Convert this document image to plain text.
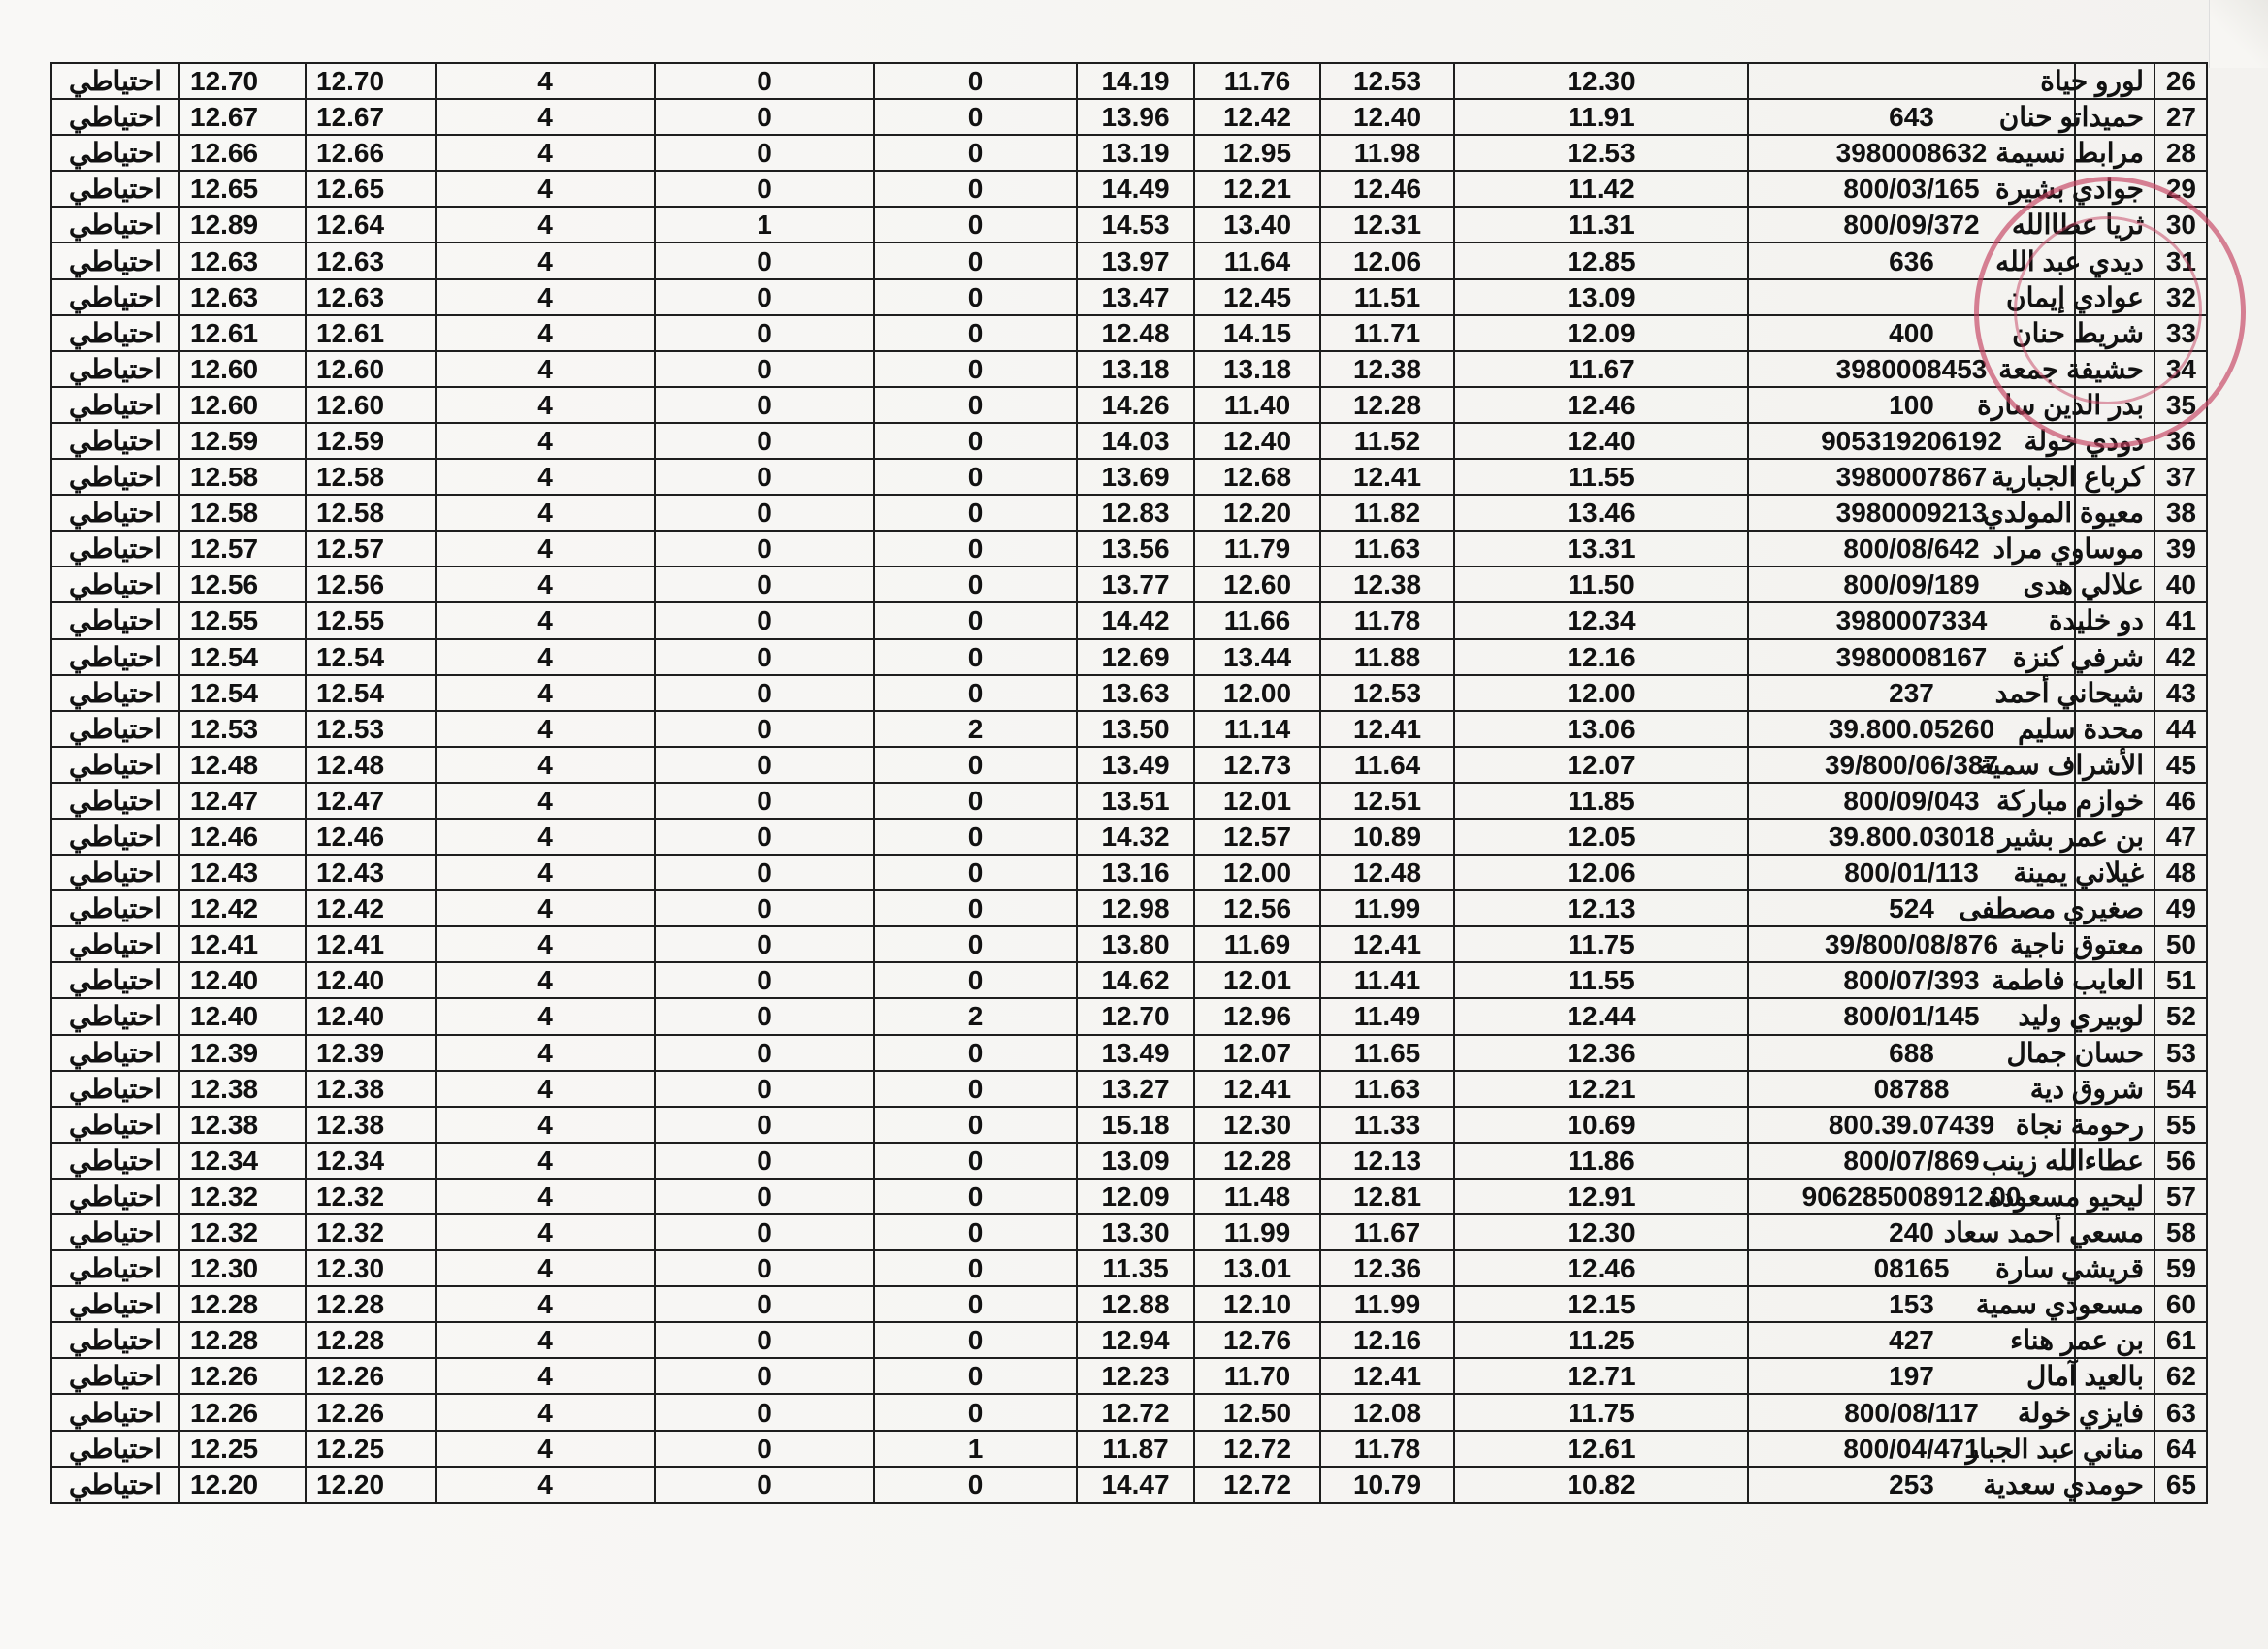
احتياطي	12.70	12.70	4	0	0	14.19	11.76	12.53	12.30		لورو حياة	26	
احتياطي	12.67	12.67	4	0	0	13.96	12.42	12.40	11.91	643	حميداتو حنان	27	
احتياطي	12.66	12.66	4	0	0	13.19	12.95	11.98	12.53	3980008632	مرابط نسيمة	28	
احتياطي	12.65	12.65	4	0	0	14.49	12.21	12.46	11.42	800/03/165	جوادي بشيرة	29	
احتياطي	12.89	12.64	4	1	0	14.53	13.40	12.31	11.31	800/09/372	ثريا عطاالله	30	
احتياطي	12.63	12.63	4	0	0	13.97	11.64	12.06	12.85	636	ديدي عبد الله	31	
احتياطي	12.63	12.63	4	0	0	13.47	12.45	11.51	13.09		عوادي إيمان	32	
احتياطي	12.61	12.61	4	0	0	12.48	14.15	11.71	12.09	400	شريط حنان	33	
احتياطي	12.60	12.60	4	0	0	13.18	13.18	12.38	11.67	3980008453	حشيفة جمعة	34	
احتياطي	12.60	12.60	4	0	0	14.26	11.40	12.28	12.46	100	بدر الدين سارة	35	
احتياطي	12.59	12.59	4	0	0	14.03	12.40	11.52	12.40	905319206192	دودي خولة	36	
احتياطي	12.58	12.58	4	0	0	13.69	12.68	12.41	11.55	3980007867	كرباع الجبارية	37	
احتياطي	12.58	12.58	4	0	0	12.83	12.20	11.82	13.46	3980009213	معيوة المولدي	38	
احتياطي	12.57	12.57	4	0	0	13.56	11.79	11.63	13.31	800/08/642	موساوي مراد	39	
احتياطي	12.56	12.56	4	0	0	13.77	12.60	12.38	11.50	800/09/189	علالي هدى	40	
احتياطي	12.55	12.55	4	0	0	14.42	11.66	11.78	12.34	3980007334	دو خليدة	41	
احتياطي	12.54	12.54	4	0	0	12.69	13.44	11.88	12.16	3980008167	شرفي كنزة	42	
احتياطي	12.54	12.54	4	0	0	13.63	12.00	12.53	12.00	237	شيحاني أحمد	43	
احتياطي	12.53	12.53	4	0	2	13.50	11.14	12.41	13.06	39.800.05260	محدة سليم	44	
احتياطي	12.48	12.48	4	0	0	13.49	12.73	11.64	12.07	39/800/06/387	الأشراف سمية	45	
احتياطي	12.47	12.47	4	0	0	13.51	12.01	12.51	11.85	800/09/043	خوازم مباركة	46	
احتياطي	12.46	12.46	4	0	0	14.32	12.57	10.89	12.05	39.800.03018	بن عمر بشير	47	
احتياطي	12.43	12.43	4	0	0	13.16	12.00	12.48	12.06	800/01/113	غيلاني يمينة	48	
احتياطي	12.42	12.42	4	0	0	12.98	12.56	11.99	12.13	524	صغيري مصطفى	49	
احتياطي	12.41	12.41	4	0	0	13.80	11.69	12.41	11.75	39/800/08/876	معتوق ناجية	50	
احتياطي	12.40	12.40	4	0	0	14.62	12.01	11.41	11.55	800/07/393	العايب فاطمة	51	
احتياطي	12.40	12.40	4	0	2	12.70	12.96	11.49	12.44	800/01/145	لوبيري وليد	52	
احتياطي	12.39	12.39	4	0	0	13.49	12.07	11.65	12.36	688	حسان جمال	53	
احتياطي	12.38	12.38	4	0	0	13.27	12.41	11.63	12.21	08788	شروق دية	54	
احتياطي	12.38	12.38	4	0	0	15.18	12.30	11.33	10.69	800.39.07439	رحومة نجاة	55	
احتياطي	12.34	12.34	4	0	0	13.09	12.28	12.13	11.86	800/07/869	عطاءالله زينب	56	
احتياطي	12.32	12.32	4	0	0	12.09	11.48	12.81	12.91	906285008912.00	ليحيو مسعودة	57	
احتياطي	12.32	12.32	4	0	0	13.30	11.99	11.67	12.30	240	مسعي أحمد سعاد	58	
احتياطي	12.30	12.30	4	0	0	11.35	13.01	12.36	12.46	08165	قريشي سارة	59	
احتياطي	12.28	12.28	4	0	0	12.88	12.10	11.99	12.15	153	مسعودي سمية	60	
احتياطي	12.28	12.28	4	0	0	12.94	12.76	12.16	11.25	427	بن عمر هناء	61	
احتياطي	12.26	12.26	4	0	0	12.23	11.70	12.41	12.71	197	بالعيد آمال	62	
احتياطي	12.26	12.26	4	0	0	12.72	12.50	12.08	11.75	800/08/117	فايزي خولة	63	
احتياطي	12.25	12.25	4	0	1	11.87	12.72	11.78	12.61	800/04/471	مناني عبد الجبار	64	
احتياطي	12.20	12.20	4	0	0	14.47	12.72	10.79	10.82	253	حومدي سعدية	65	
